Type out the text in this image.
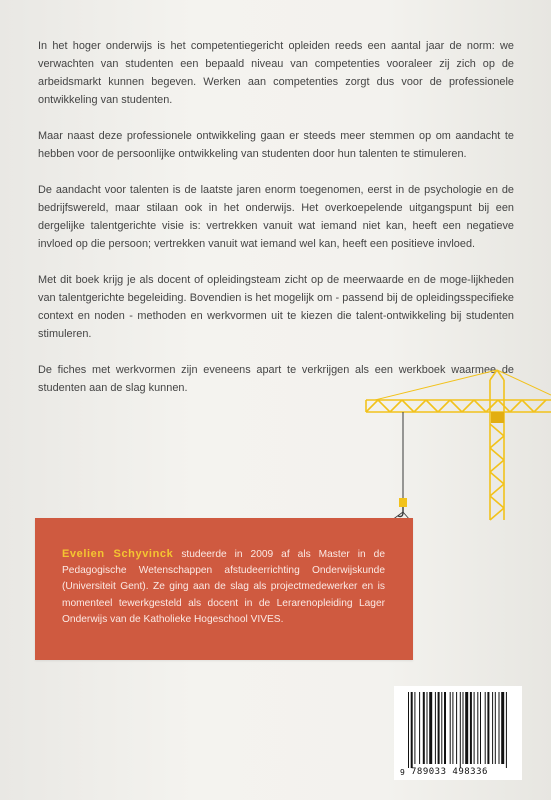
In het hoger onderwijs is het competentiegericht opleiden reeds een aantal jaar de norm: we verwachten van studenten een bepaald niveau van competenties vooraleer zij zich op de arbeidsmarkt kunnen begeven. Werken aan competenties zorgt dus voor de professionele ontwikkeling van studenten.

Maar naast deze professionele ontwikkeling gaan er steeds meer stemmen op om aandacht te hebben voor de persoonlijke ontwikkeling van studenten door hun talenten te stimuleren.

De aandacht voor talenten is de laatste jaren enorm toegenomen, eerst in de psychologie en de bedrijfswereld, maar stilaan ook in het onderwijs. Het overkoepelende uitgangspunt bij een dergelijke talentgerichte visie is: vertrekken vanuit wat iemand niet kan, heeft een negatieve invloed op die persoon; vertrekken vanuit wat iemand wel kan, heeft een positieve invloed.

Met dit boek krijg je als docent of opleidingsteam zicht op de meerwaarde en de moge-lijkheden van talentgerichte begeleiding. Bovendien is het mogelijk om - passend bij de opleidingsspecifieke context en noden - methoden en werkvormen uit te kiezen die talent-ontwikkeling bij studenten stimuleren.

De fiches met werkvormen zijn eveneens apart te verkrijgen als een werkboek waarmee de studenten aan de slag kunnen.

Evelien Schyvinck studeerde in 2009 af als Master in de Pedagogische Wetenschappen afstudeerrichting Onderwijskunde (Universiteit Gent). Ze ging aan de slag als projectmedewerker en is momenteel tewerkgesteld als docent in de Lerarenopleiding Lager Onderwijs van de Katholieke Hogeschool VIVES.
9 789033 498336
